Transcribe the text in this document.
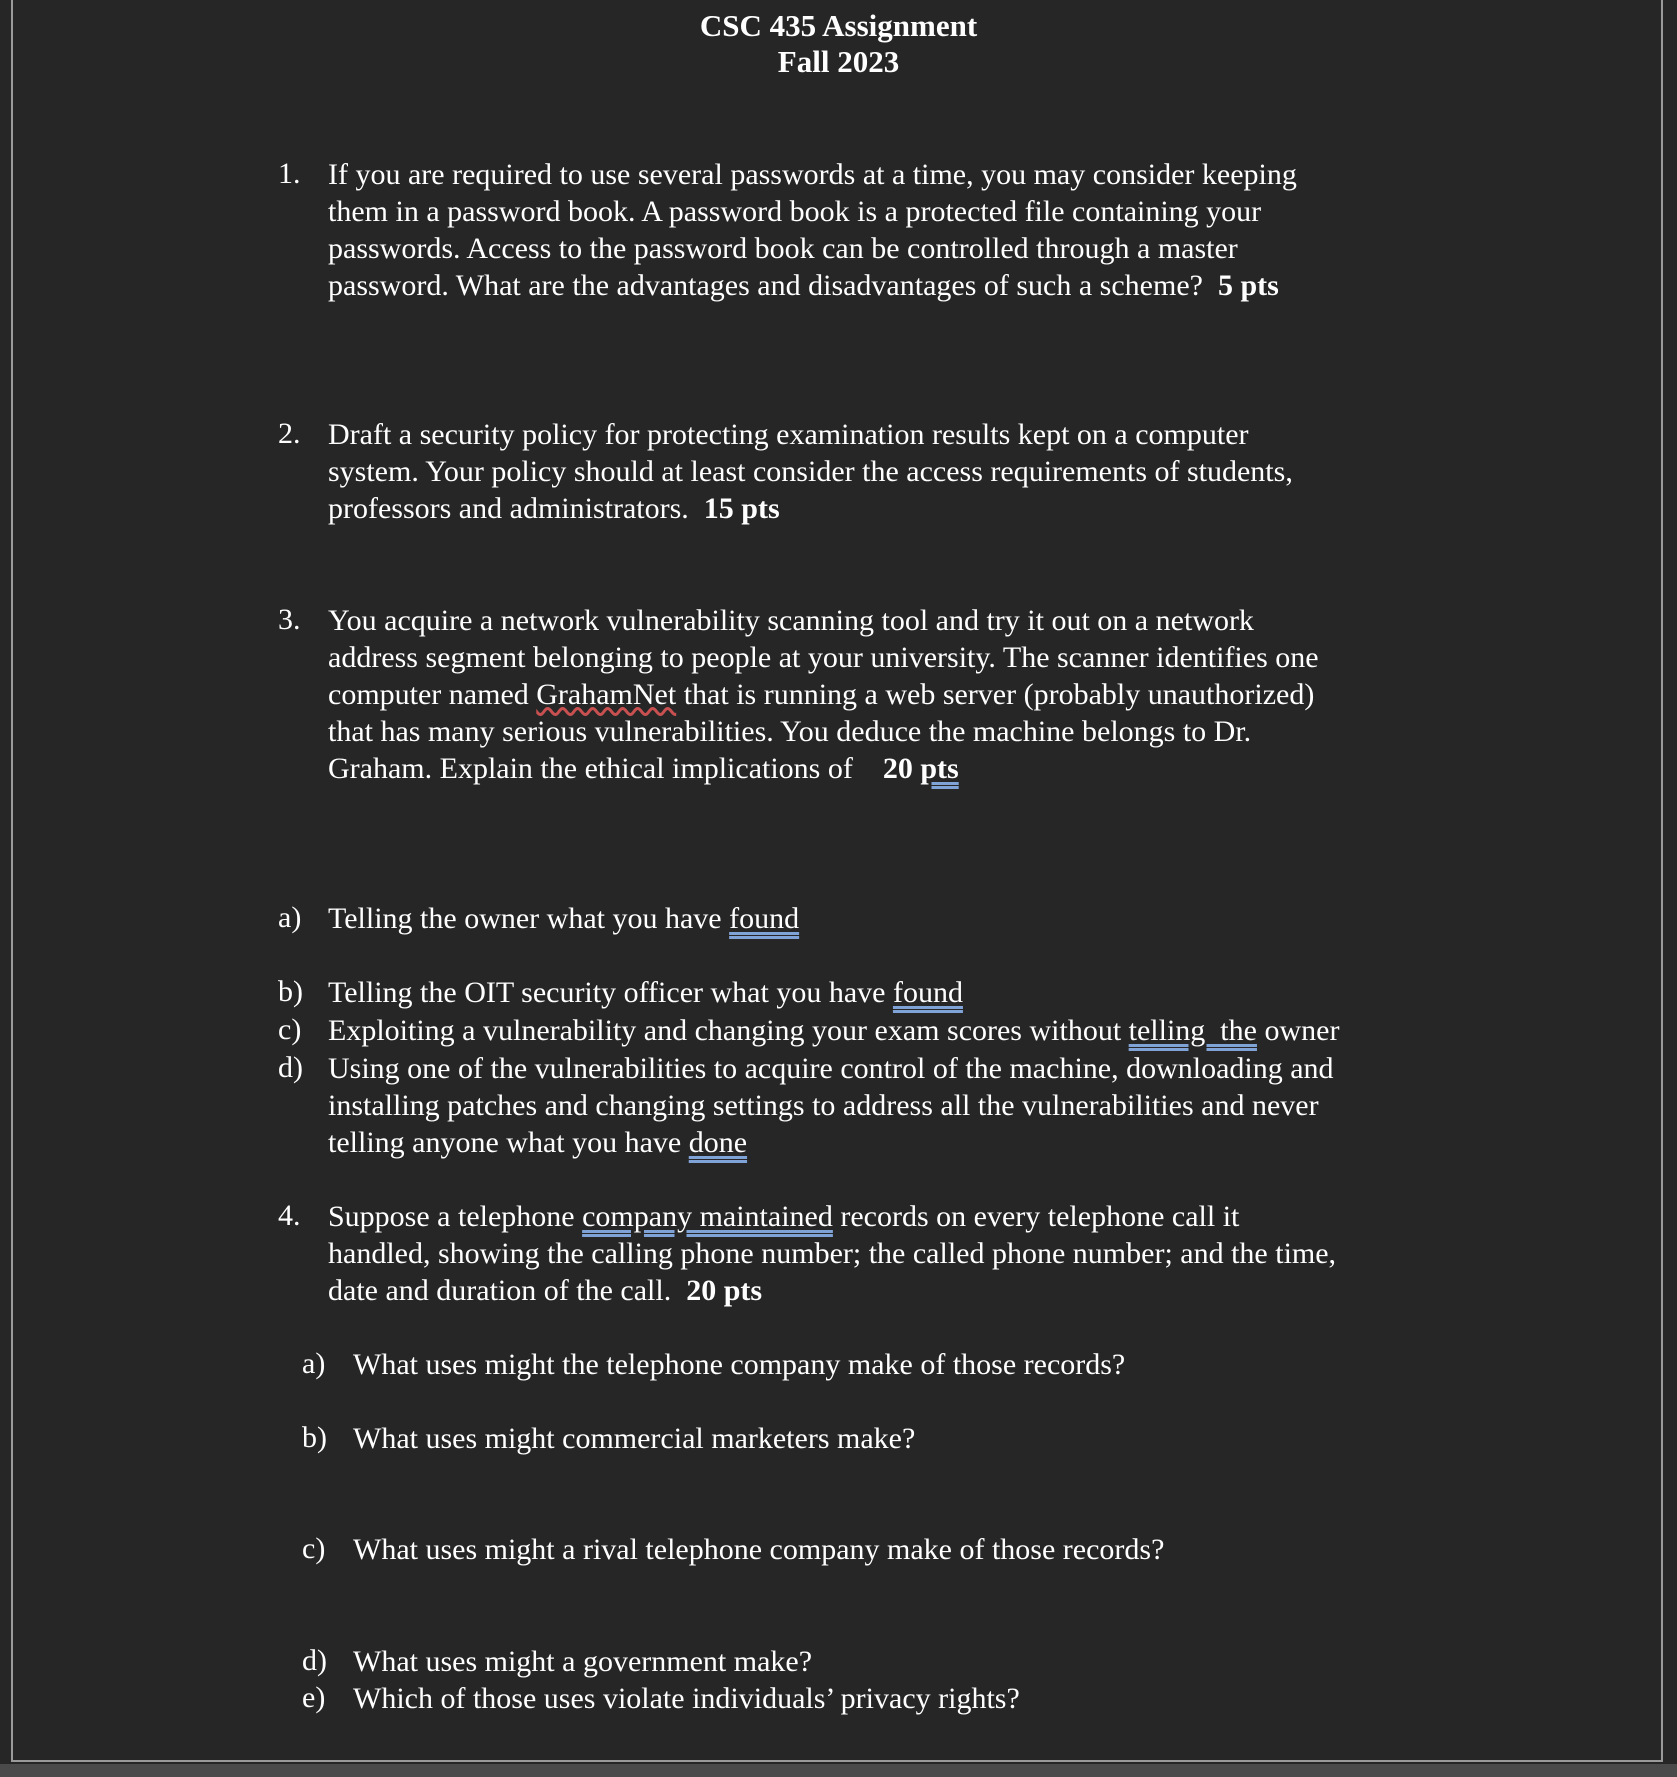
CSC 435 Assignment
Fall 2023
1. If you are required to use several passwords at a time, you may consider keeping
them in a password book. A password book is a protected file containing your
passwords. Access to the password book can be controlled through a master
password. What are the advantages and disadvantages of such a scheme? 5 pts
2. Draft a security policy for protecting examination results kept on a computer
system. Your policy should at least consider the access requirements of students,
professors and administrators. 15 pts
3. You acquire a network vulnerability scanning tool and try it out on a network
address segment belonging to people at your university. The scanner identifies one
computer named GrahamNet that is running a web server (probably unauthorized)
that has many serious vulnerabilities. You deduce the machine belongs to Dr.
Graham. Explain the ethical implications of 20 pts
a) Telling the owner what you have found
b) Telling the OIT security officer what you have found
c) Exploiting a vulnerability and changing your exam scores without telling  the owner
d) Using one of the vulnerabilities to acquire control of the machine, downloading and
installing patches and changing settings to address all the vulnerabilities and never
telling anyone what you have done
4. Suppose a telephone company maintained records on every telephone call it
handled, showing the calling phone number; the called phone number; and the time,
date and duration of the call. 20 pts
a) What uses might the telephone company make of those records?
b) What uses might commercial marketers make?
c) What uses might a rival telephone company make of those records?
d) What uses might a government make?
e) Which of those uses violate individuals’ privacy rights?
